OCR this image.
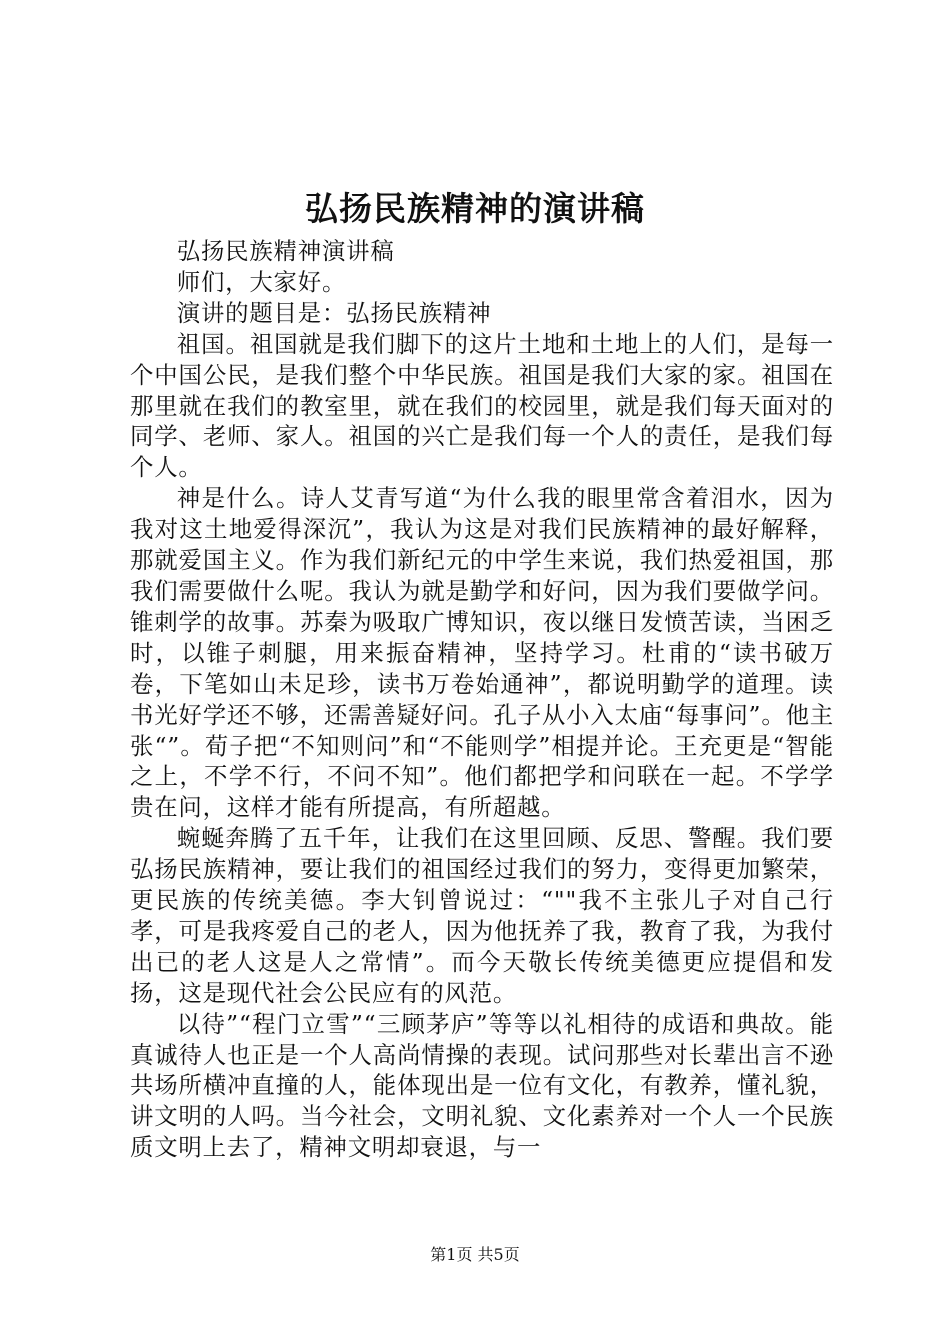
弘扬民族精神的演讲稿

弘扬民族精神演讲稿

师们，大家好。

演讲的题目是：弘扬民族精神

祖国。祖国就是我们脚下的这片土地和土地上的人们，是每一个中国公民，是我们整个中华民族。祖国是我们大家的家。祖国在那里就在我们的教室里，就在我们的校园里，就是我们每天面对的同学、老师、家人。祖国的兴亡是我们每一个人的责任，是我们每个人。

神是什么。诗人艾青写道“为什么我的眼里常含着泪水，因为我对这土地爱得深沉”，我认为这是对我们民族精神的最好解释，那就爱国主义。作为我们新纪元的中学生来说，我们热爱祖国，那我们需要做什么呢。我认为就是勤学和好问，因为我们要做学问。锥刺学的故事。苏秦为吸取广博知识，夜以继日发愤苦读，当困乏时，以锥子刺腿，用来振奋精神，坚持学习。杜甫的“读书破万卷，下笔如山未足珍，读书万卷始通神”，都说明勤学的道理。读书光好学还不够，还需善疑好问。孔子从小入太庙“每事问”。他主张“”。荀子把“不知则问”和“不能则学”相提并论。王充更是“智能之上，不学不行，不问不知”。他们都把学和问联在一起。不学学贵在问，这样才能有所提高，有所超越。

蜿蜒奔腾了五千年，让我们在这里回顾、反思、警醒。我们要弘扬民族精神，要让我们的祖国经过我们的努力，变得更加繁荣，更民族的传统美德。李大钊曾说过：“""我不主张儿子对自己行孝，可是我疼爱自己的老人，因为他抚养了我，教育了我，为我付出已的老人这是人之常情”。而今天敬长传统美德更应提倡和发扬，这是现代社会公民应有的风范。

以待”“程门立雪”“三顾茅庐”等等以礼相待的成语和典故。能真诚待人也正是一个人高尚情操的表现。试问那些对长辈出言不逊共场所横冲直撞的人，能体现出是一位有文化，有教养，懂礼貌，讲文明的人吗。当今社会，文明礼貌、文化素养对一个人一个民族质文明上去了，精神文明却衰退，与一

第1页 共5页
